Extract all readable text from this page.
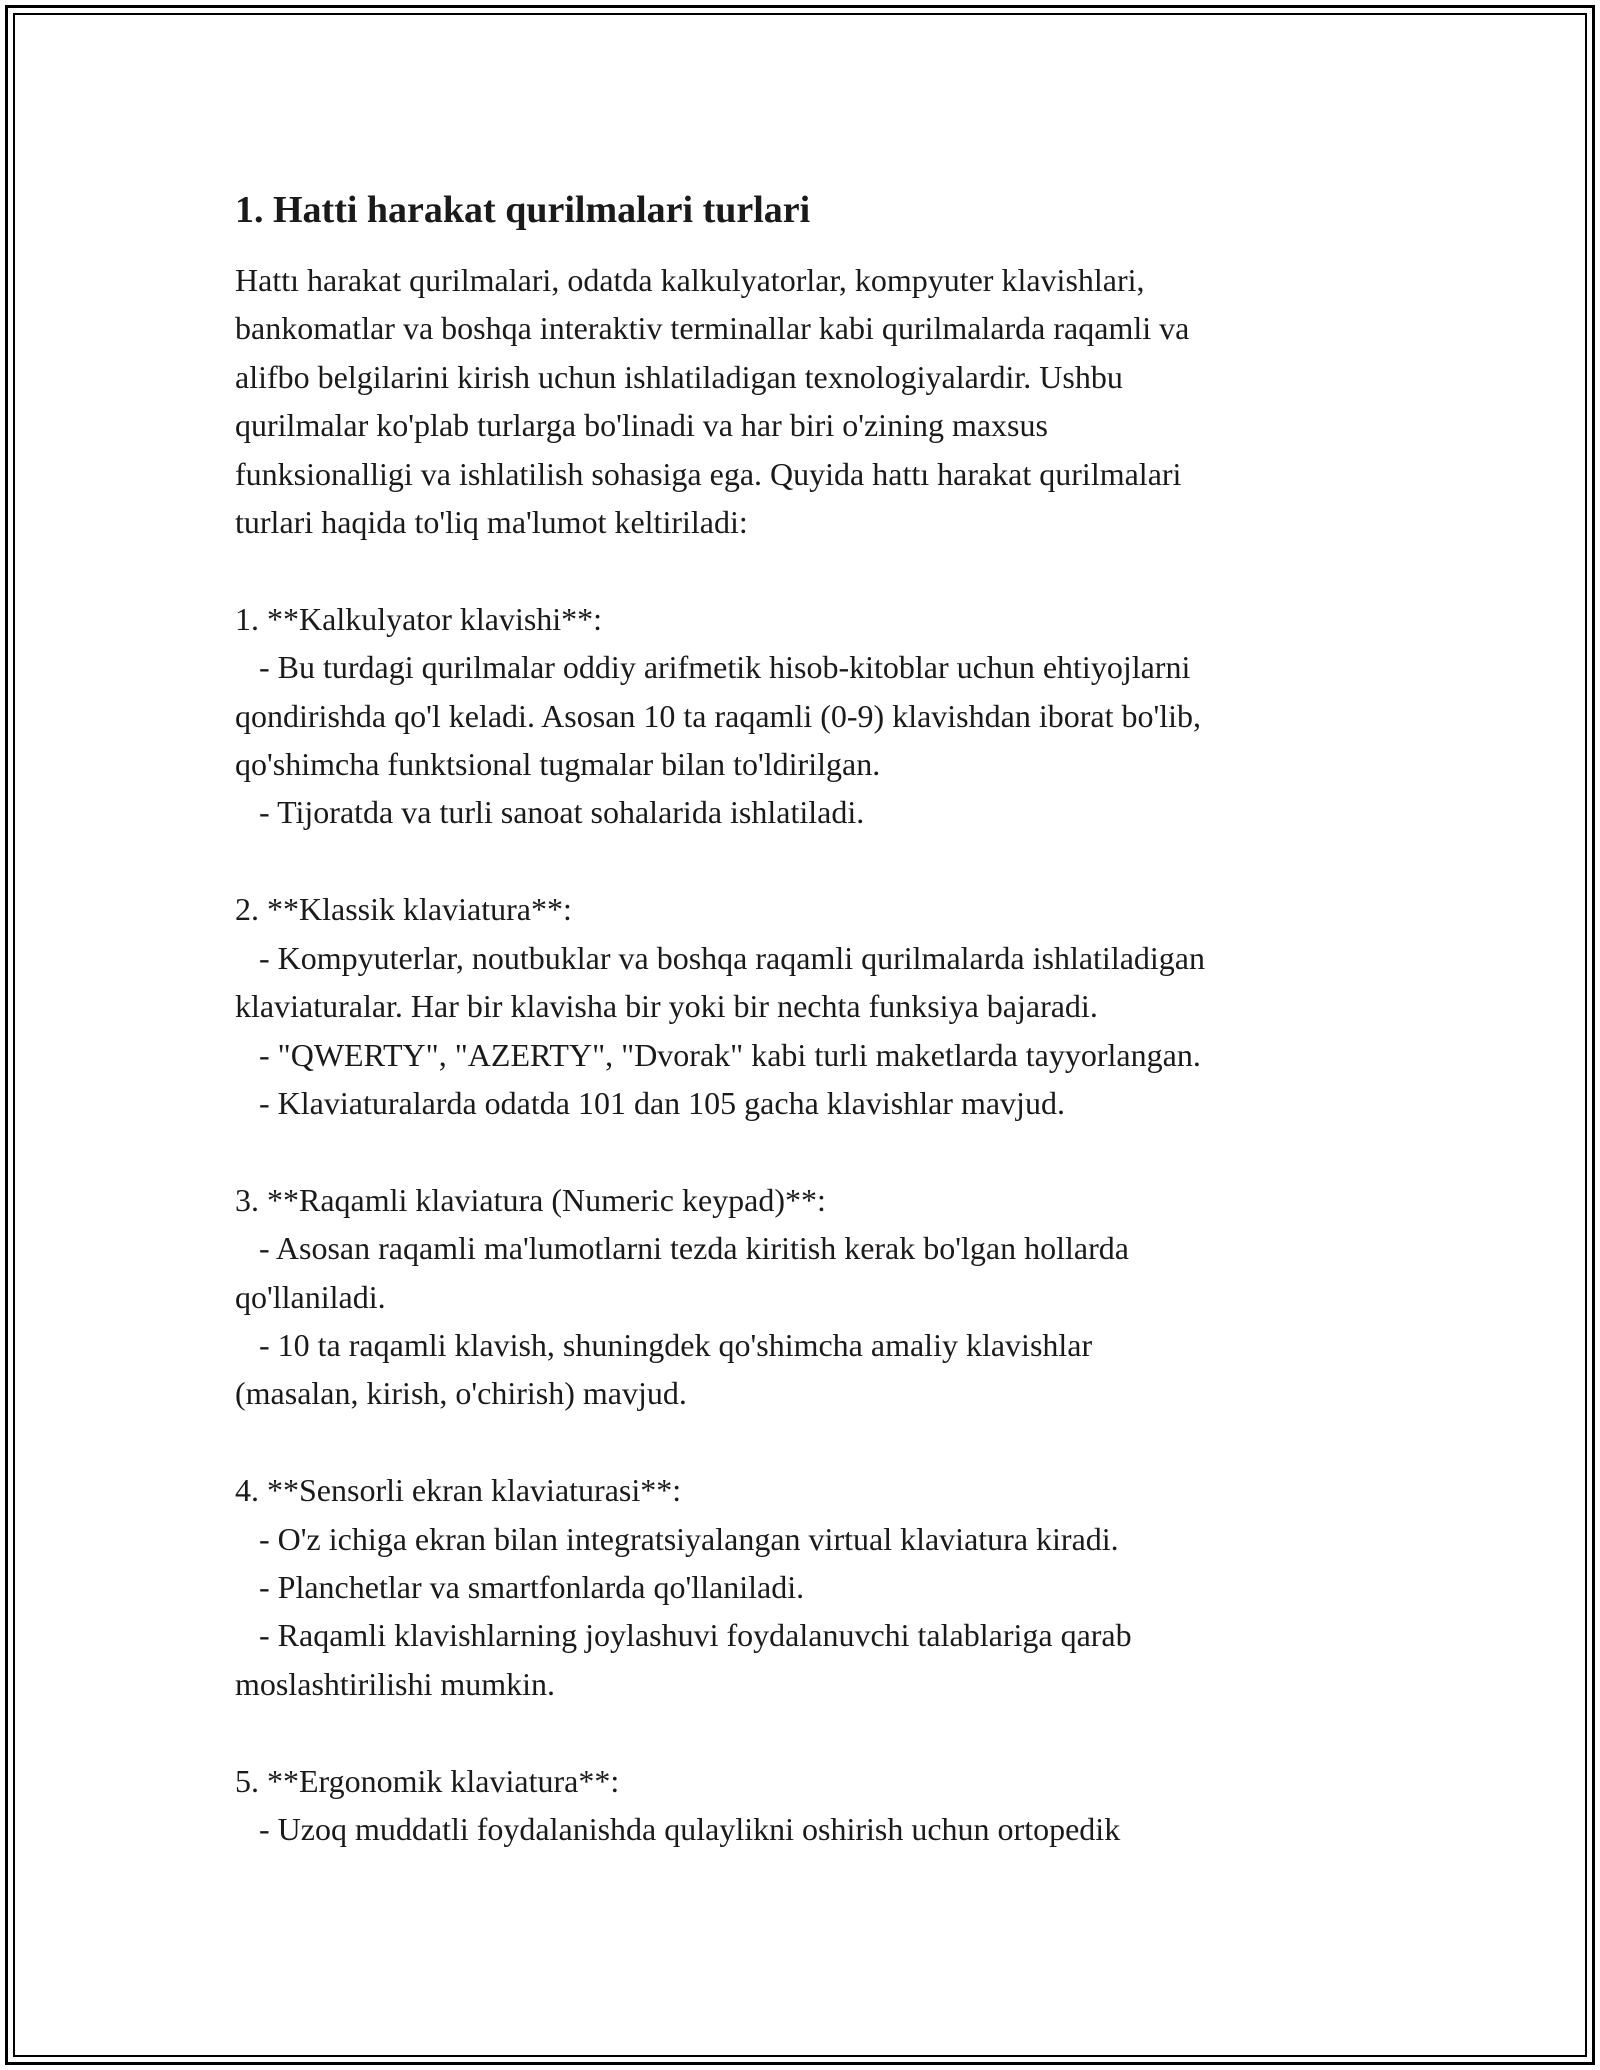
1. Hatti harakat qurilmalari turlari

Hattı harakat qurilmalari, odatda kalkulyatorlar, kompyuter klavishlari,
bankomatlar va boshqa interaktiv terminallar kabi qurilmalarda raqamli va
alifbo belgilarini kirish uchun ishlatiladigan texnologiyalardir. Ushbu
qurilmalar ko'plab turlarga bo'linadi va har biri o'zining maxsus
funksionalligi va ishlatilish sohasiga ega. Quyida hattı harakat qurilmalari
turlari haqida to'liq ma'lumot keltiriladi:

1. **Kalkulyator klavishi**:
- Bu turdagi qurilmalar oddiy arifmetik hisob-kitoblar uchun ehtiyojlarni
qondirishda qo'l keladi. Asosan 10 ta raqamli (0-9) klavishdan iborat bo'lib,
qo'shimcha funktsional tugmalar bilan to'ldirilgan.
- Tijoratda va turli sanoat sohalarida ishlatiladi.

2. **Klassik klaviatura**:
- Kompyuterlar, noutbuklar va boshqa raqamli qurilmalarda ishlatiladigan
klaviaturalar. Har bir klavisha bir yoki bir nechta funksiya bajaradi.
- "QWERTY", "AZERTY", "Dvorak" kabi turli maketlarda tayyorlangan.
- Klaviaturalarda odatda 101 dan 105 gacha klavishlar mavjud.

3. **Raqamli klaviatura (Numeric keypad)**:
- Asosan raqamli ma'lumotlarni tezda kiritish kerak bo'lgan hollarda
qo'llaniladi.
- 10 ta raqamli klavish, shuningdek qo'shimcha amaliy klavishlar
(masalan, kirish, o'chirish) mavjud.

4. **Sensorli ekran klaviaturasi**:
- O'z ichiga ekran bilan integratsiyalangan virtual klaviatura kiradi.
- Planchetlar va smartfonlarda qo'llaniladi.
- Raqamli klavishlarning joylashuvi foydalanuvchi talablariga qarab
moslashtirilishi mumkin.

5. **Ergonomik klaviatura**:
- Uzoq muddatli foydalanishda qulaylikni oshirish uchun ortopedik
